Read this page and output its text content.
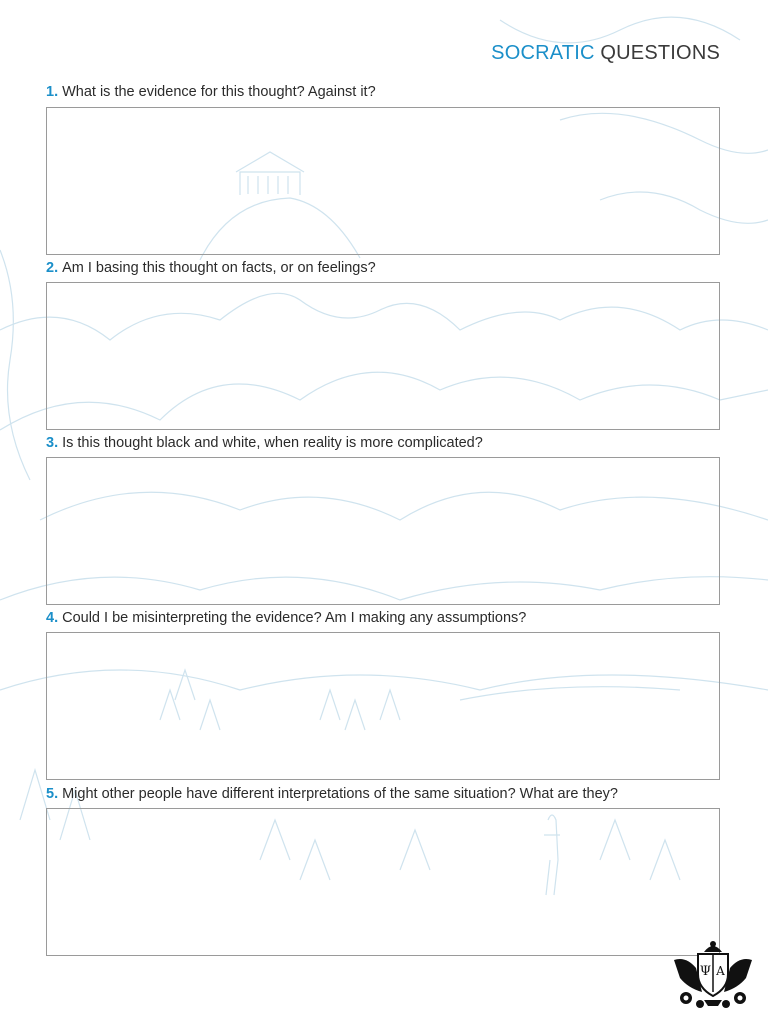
SOCRATIC QUESTIONS
1. What is the evidence for this thought? Against it?
2. Am I basing this thought on facts, or on feelings?
3. Is this thought black and white, when reality is more complicated?
4. Could I be misinterpreting the evidence? Am I making any assumptions?
5. Might other people have different interpretations of the same situation? What are they?
Ψ A
